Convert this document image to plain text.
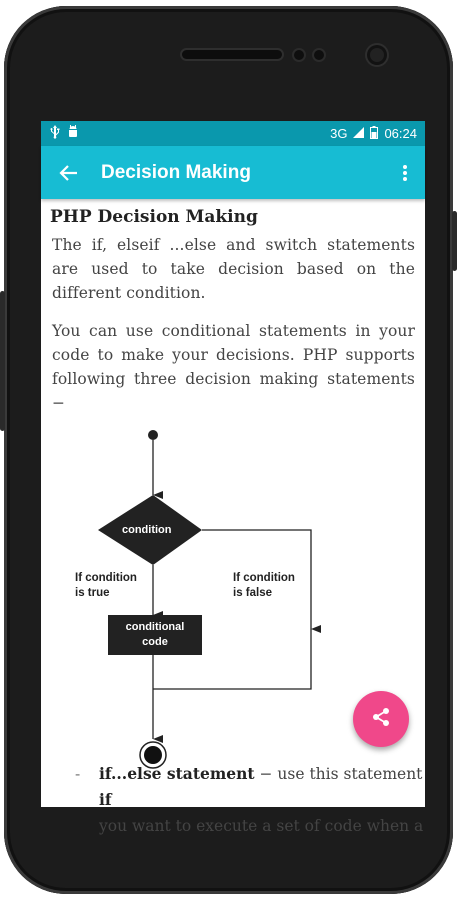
3G	06:24
Decision Making
PHP Decision Making

The if, elseif ...else and switch statements are used to take decision based on the different condition.

You can use conditional statements in your code to make your decisions. PHP supports following three decision making statements −

condition
If condition
is true
If condition
is false
conditional
code
- if...else statement − use this statement if
you want to execute a set of code when a
